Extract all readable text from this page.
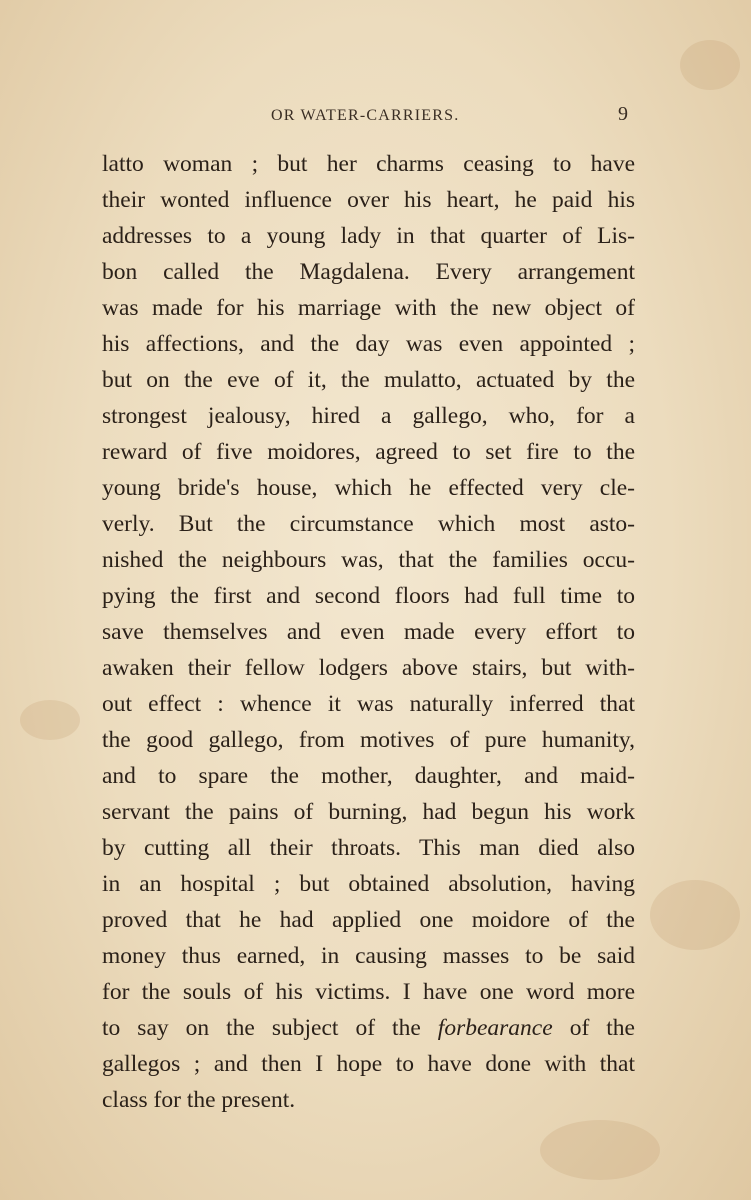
OR WATER-CARRIERS.	9
latto woman ; but her charms ceasing to have
their wonted influence over his heart, he paid his
addresses to a young lady in that quarter of Lis-
bon called the Magdalena. Every arrangement
was made for his marriage with the new object of
his affections, and the day was even appointed ;
but on the eve of it, the mulatto, actuated by the
strongest jealousy, hired a gallego, who, for a
reward of five moidores, agreed to set fire to the
young bride's house, which he effected very cle-
verly. But the circumstance which most asto-
nished the neighbours was, that the families occu-
pying the first and second floors had full time to
save themselves and even made every effort to
awaken their fellow lodgers above stairs, but with-
out effect : whence it was naturally inferred that
the good gallego, from motives of pure humanity,
and to spare the mother, daughter, and maid-
servant the pains of burning, had begun his work
by cutting all their throats. This man died also
in an hospital ; but obtained absolution, having
proved that he had applied one moidore of the
money thus earned, in causing masses to be said
for the souls of his victims. I have one word more
to say on the subject of the forbearance of the
gallegos ; and then I hope to have done with that
class for the present.
